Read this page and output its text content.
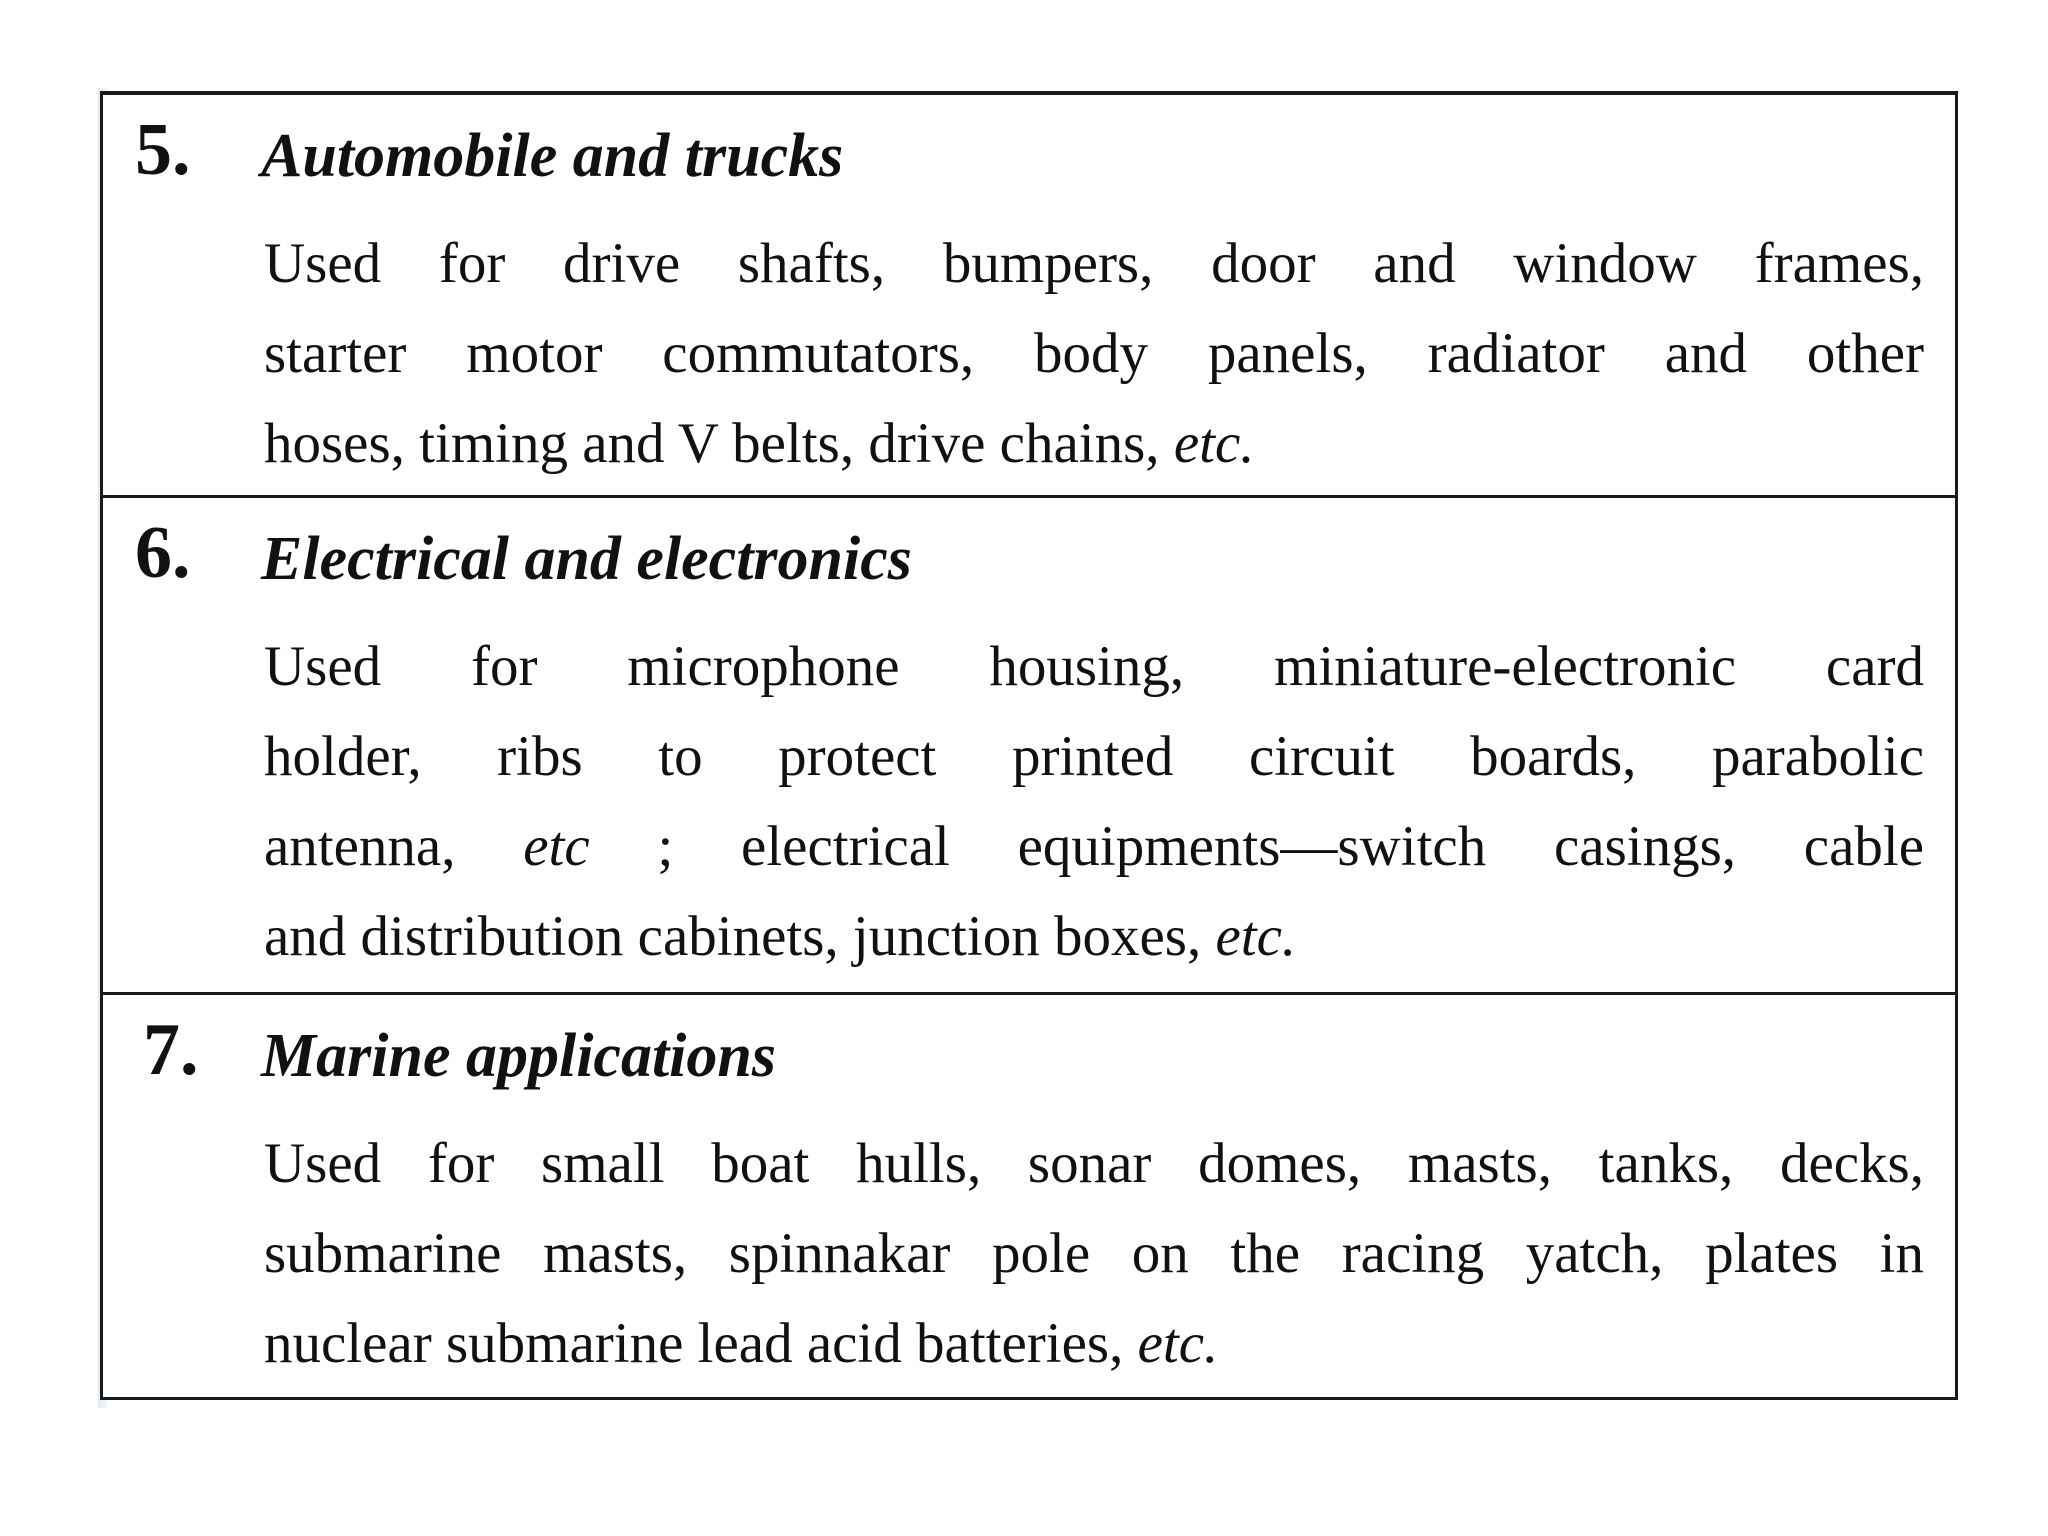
5. Automobile and trucks
Used for drive shafts, bumpers, door and window frames,
starter motor commutators, body panels, radiator and other
hoses, timing and V belts, drive chains, etc.
6. Electrical and electronics
Used for microphone housing, miniature-electronic card
holder, ribs to protect printed circuit boards, parabolic
antenna, etc ; electrical equipments—switch casings, cable
and distribution cabinets, junction boxes, etc.
7. Marine applications
Used for small boat hulls, sonar domes, masts, tanks, decks,
submarine masts, spinnakar pole on the racing yatch, plates in
nuclear submarine lead acid batteries, etc.
